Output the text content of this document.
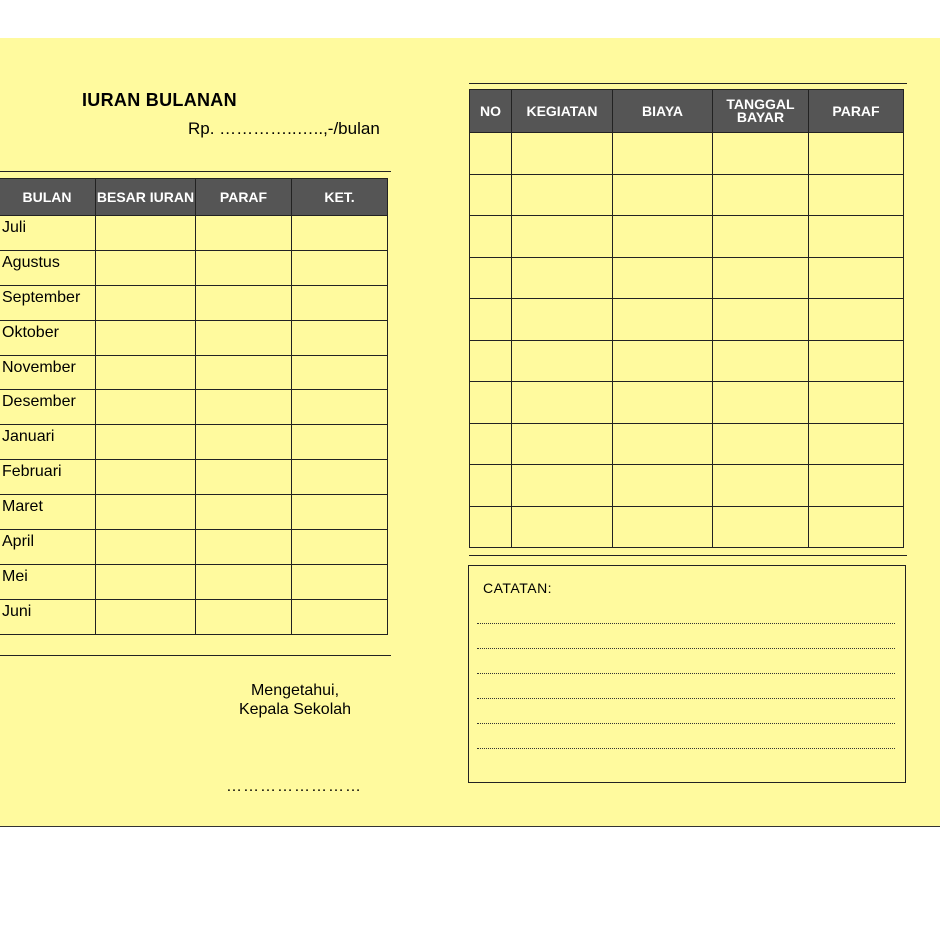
IURAN BULANAN
Rp. …………..…..,-/bulan
BULAN	BESAR IURAN	PARAF	KET.
Juli			
Agustus			
September			
Oktober			
November			
Desember			
Januari			
Februari			
Maret			
April			
Mei			
Juni			
NO	KEGIATAN	BIAYA	TANGGAL BAYAR	PARAF

Mengetahui,
Kepala Sekolah
……………………
CATATAN:
